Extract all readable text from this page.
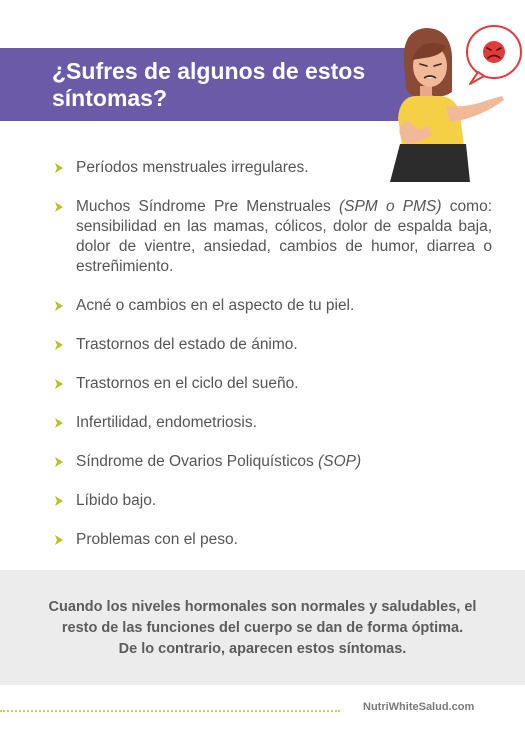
¿Sufres de algunos de estos síntomas?
Períodos menstruales irregulares.
Muchos Síndrome Pre Menstruales (SPM o PMS) como: sensibilidad en las mamas, cólicos, dolor de espalda baja, dolor de vientre, ansiedad, cambios de humor, diarrea o estreñimiento.
Acné o cambios en el aspecto de tu piel.
Trastornos del estado de ánimo.
Trastornos en el ciclo del sueño.
Infertilidad, endometriosis.
Síndrome de Ovarios Poliquísticos (SOP)
Líbido bajo.
Problemas con el peso.
Cuando los niveles hormonales son normales y saludables, el
resto de las funciones del cuerpo se dan de forma óptima.
De lo contrario, aparecen estos síntomas.
NutriWhiteSalud.com
